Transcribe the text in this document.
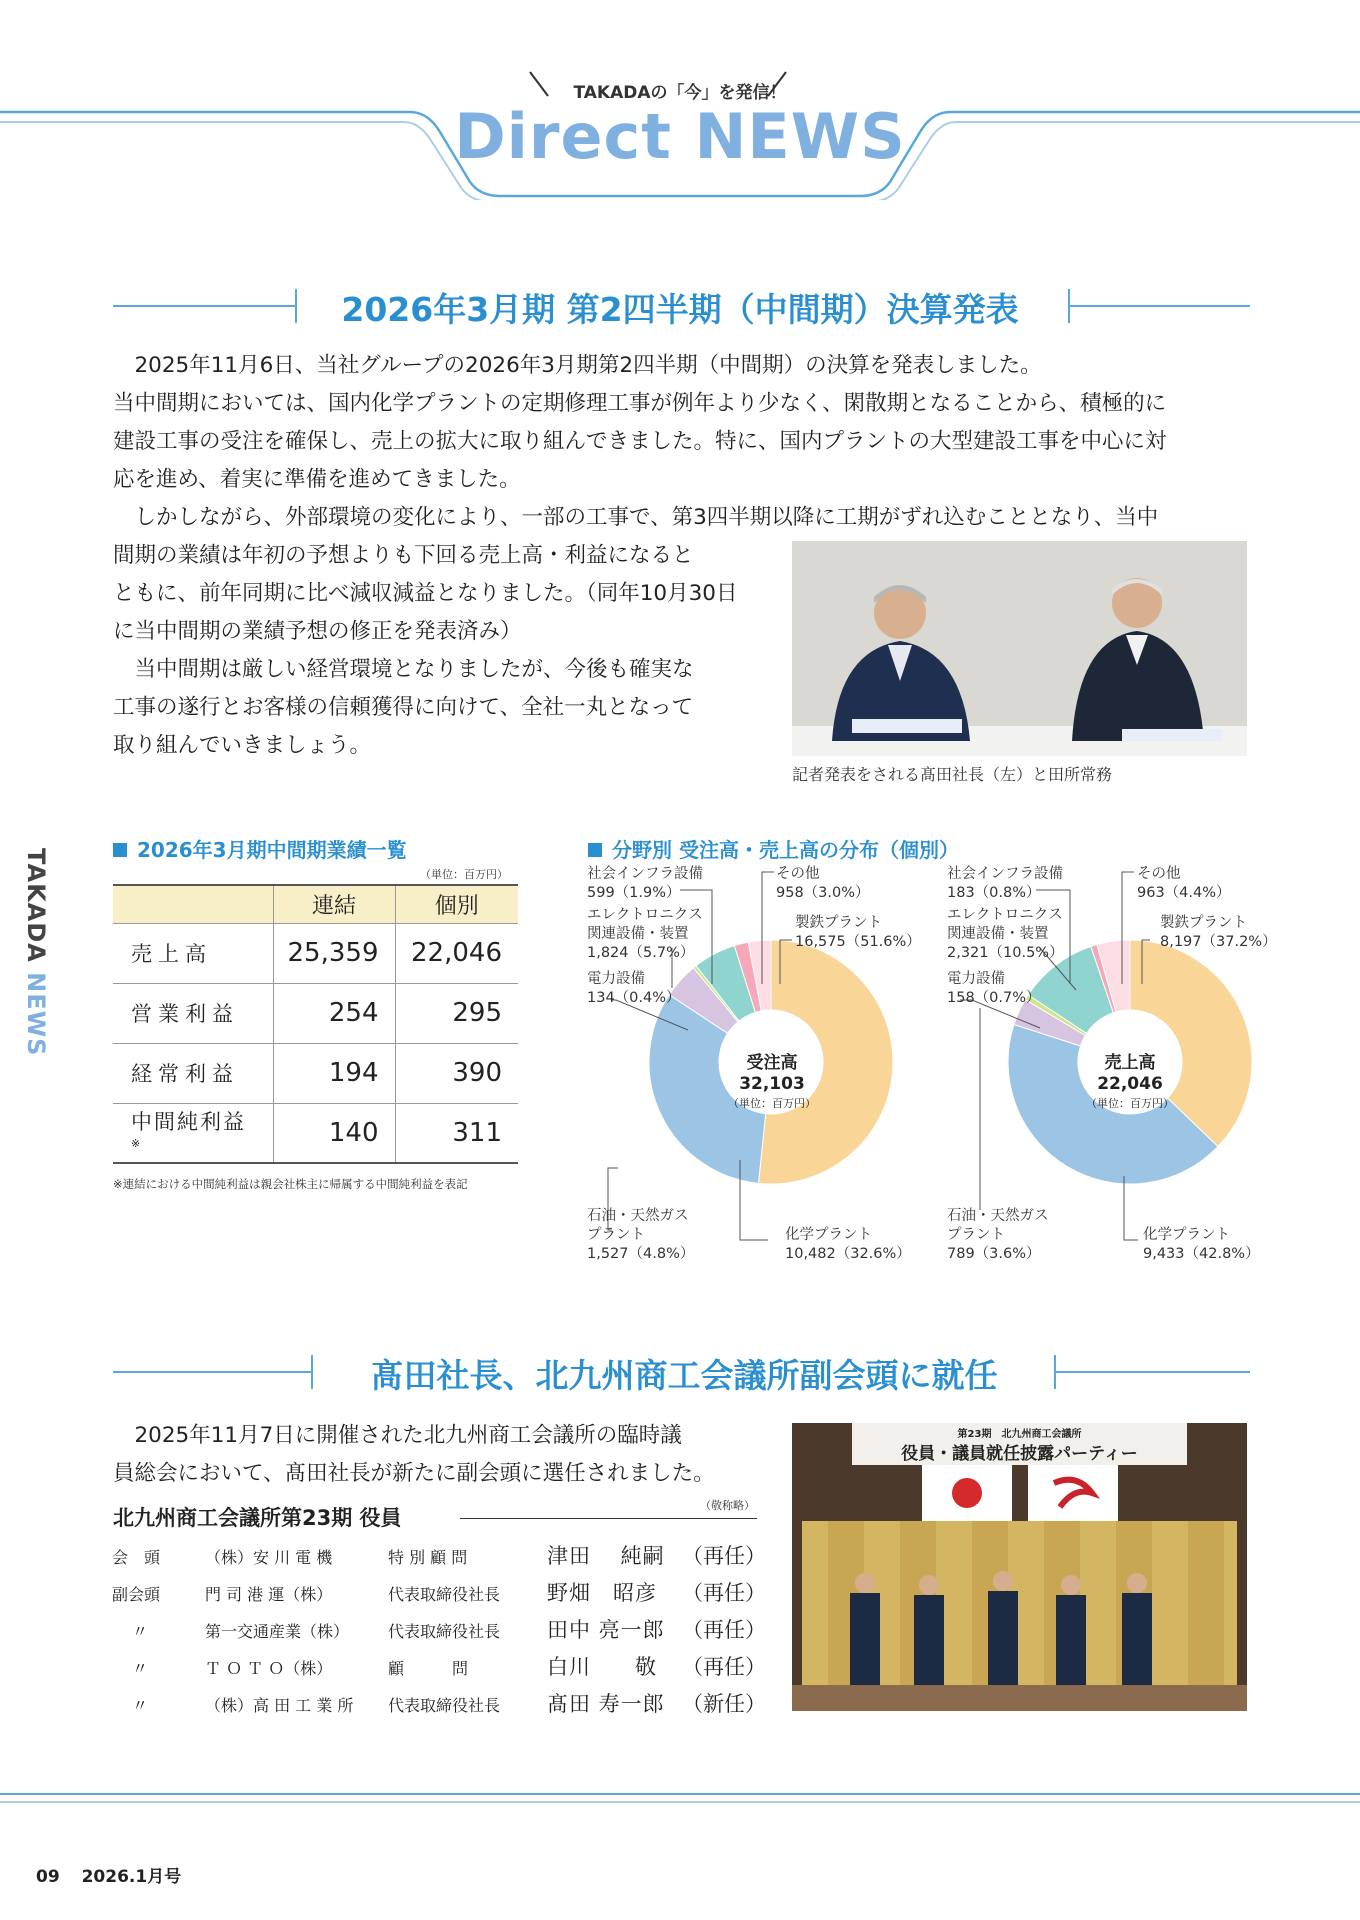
TAKADAの「今」を発信！
Direct NEWS
TAKADA NEWS
2026年3月期 第2四半期（中間期）決算発表
　2025年11月6日、当社グループの2026年3月期第2四半期（中間期）の決算を発表しました。
当中間期においては、国内化学プラントの定期修理工事が例年より少なく、閑散期となることから、積極的に
建設工事の受注を確保し、売上の拡大に取り組んできました。特に、国内プラントの大型建設工事を中心に対
応を進め、着実に準備を進めてきました。
　しかしながら、外部環境の変化により、一部の工事で、第3四半期以降に工期がずれ込むこととなり、当中
間期の業績は年初の予想よりも下回る売上高・利益になると
ともに、前年同期に比べ減収減益となりました。（同年10月30日
に当中間期の業績予想の修正を発表済み）
　当中間期は厳しい経営環境となりましたが、今後も確実な
工事の遂行とお客様の信頼獲得に向けて、全社一丸となって
取り組んでいきましょう。
記者発表をされる髙田社長（左）と田所常務
2026年3月期中間期業績一覧
（単位：百万円）
	連結	個別
売上高	25,359	22,046
営業利益	254	295
経常利益	194	390
中間純利益※	140	311
※連結における中間純利益は親会社株主に帰属する中間純利益を表記
分野別 受注高・売上高の分布（個別）
社会インフラ設備
599（1.9%）
その他
958（3.0%）
製鉄プラント
16,575（51.6%）
エレクトロニクス
関連設備・装置
1,824（5.7%）
電力設備
134（0.4%）
石油・天然ガス
プラント
1,527（4.8%）
化学プラント
10,482（32.6%）
受注高
32,103
（単位：百万円）
社会インフラ設備
183（0.8%）
その他
963（4.4%）
製鉄プラント
8,197（37.2%）
エレクトロニクス
関連設備・装置
2,321（10.5%）
電力設備
158（0.7%）
石油・天然ガス
プラント
789（3.6%）
化学プラント
9,433（42.8%）
売上高
22,046
（単位：百万円）
髙田社長、北九州商工会議所副会頭に就任
　2025年11月7日に開催された北九州商工会議所の臨時議
員総会において、髙田社長が新たに副会頭に選任されました。
北九州商工会議所第23期 役員
（敬称略）
会　頭	（株）安 川 電 機	特 別 顧 問	津田　 純嗣 （再任）
副会頭	門 司 港 運（株）	代表取締役社長 野畑　昭彦 （再任）
〃	第一交通産業（株） 代表取締役社長 田中 亮一郎 （再任）
〃	Ｔ Ｏ Ｔ Ｏ（株）	顧　　　問	白川　　敬 （再任）
〃	（株）高 田 工 業 所 代表取締役社長 髙田 寿一郎 （新任）
第23期　北九州商工会議所
役員・議員就任披露パーティー
09 2026.1月号
